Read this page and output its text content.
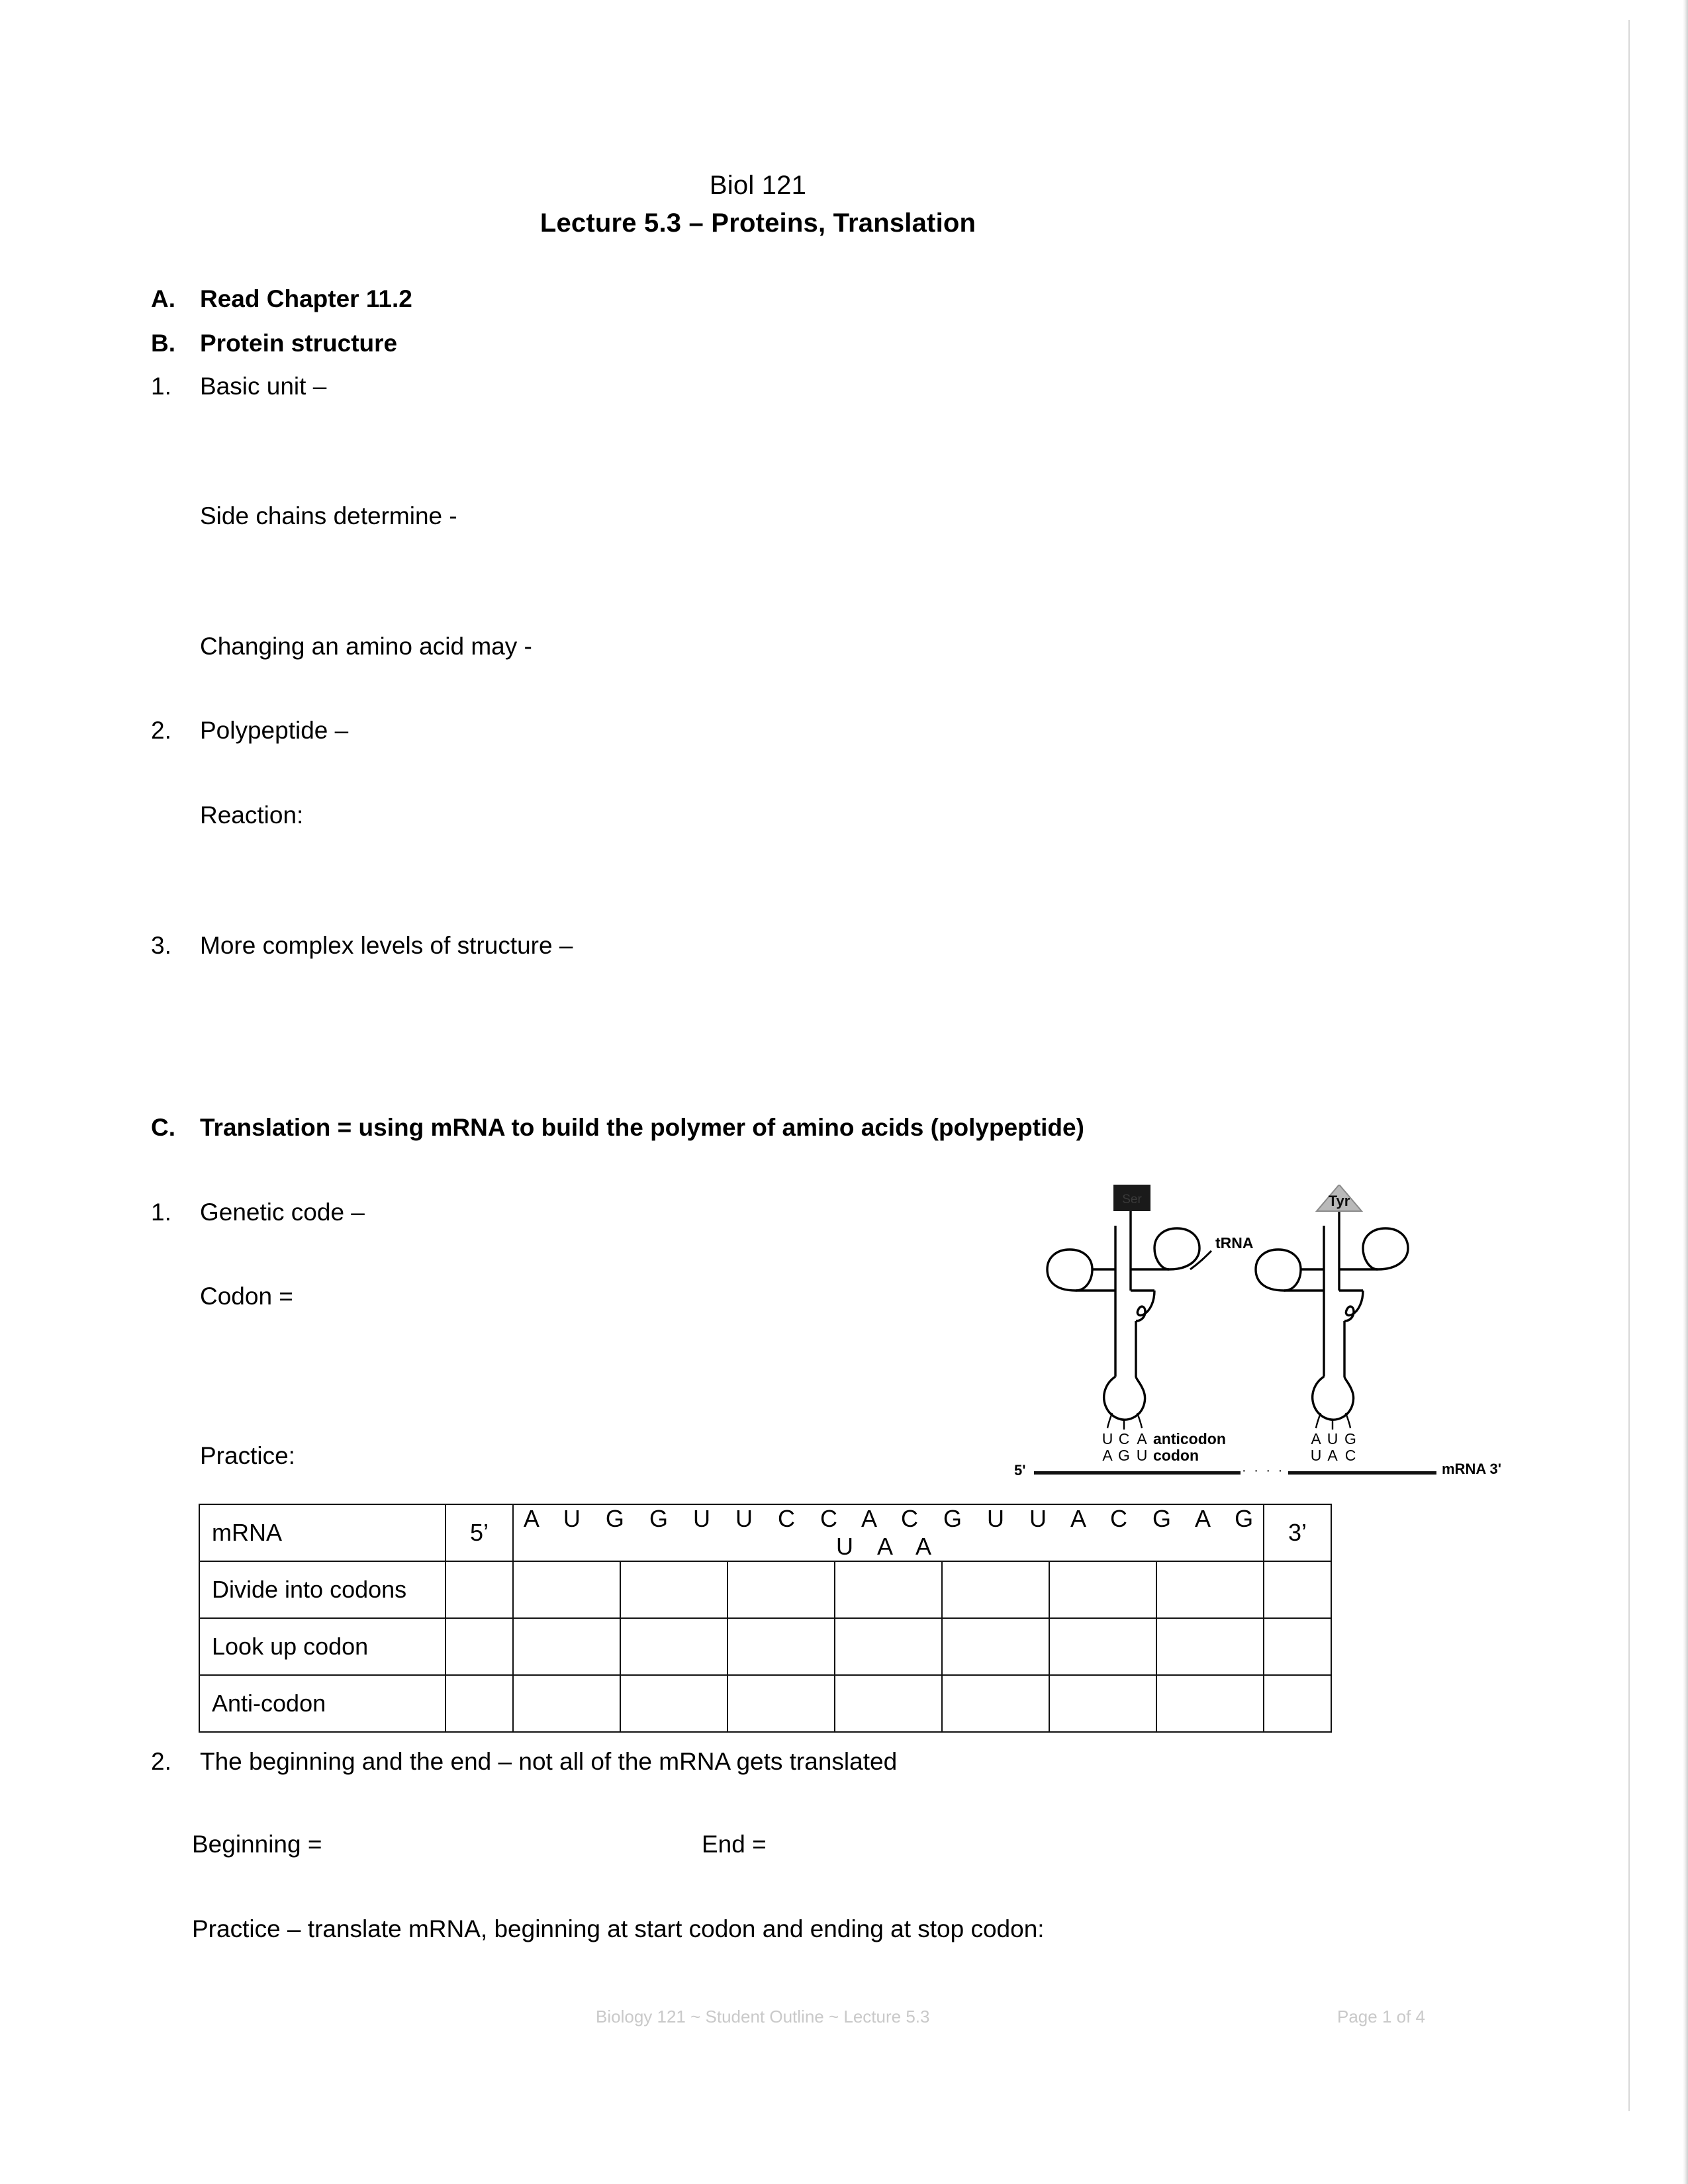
Biol 121
Lecture 5.3 – Proteins, Translation
A.	Read Chapter 11.2
B.	Protein structure
1.	Basic unit –
Side chains determine -
Changing an amino acid may -
2.	Polypeptide –
Reaction:
3.	More complex levels of structure –
C.	Translation = using mRNA to build the polymer of amino acids (polypeptide)
1.	Genetic code –
Codon =
Practice:
Ser	Tyr
tRNA
U C A
A G U
anticodon
codon
A U G
U A C
5'	· · · ·	mRNA 3'
mRNA	5’	A U G G U U C C A C G U U A C G A G U A A							3’
Divide into codons									
Look up codon									
Anti-codon									
2.	The beginning and the end – not all of the mRNA gets translated
Beginning =	End =
Practice – translate mRNA, beginning at start codon and ending at stop codon:
Biology 121 ~ Student Outline ~ Lecture 5.3	Page 1 of 4
